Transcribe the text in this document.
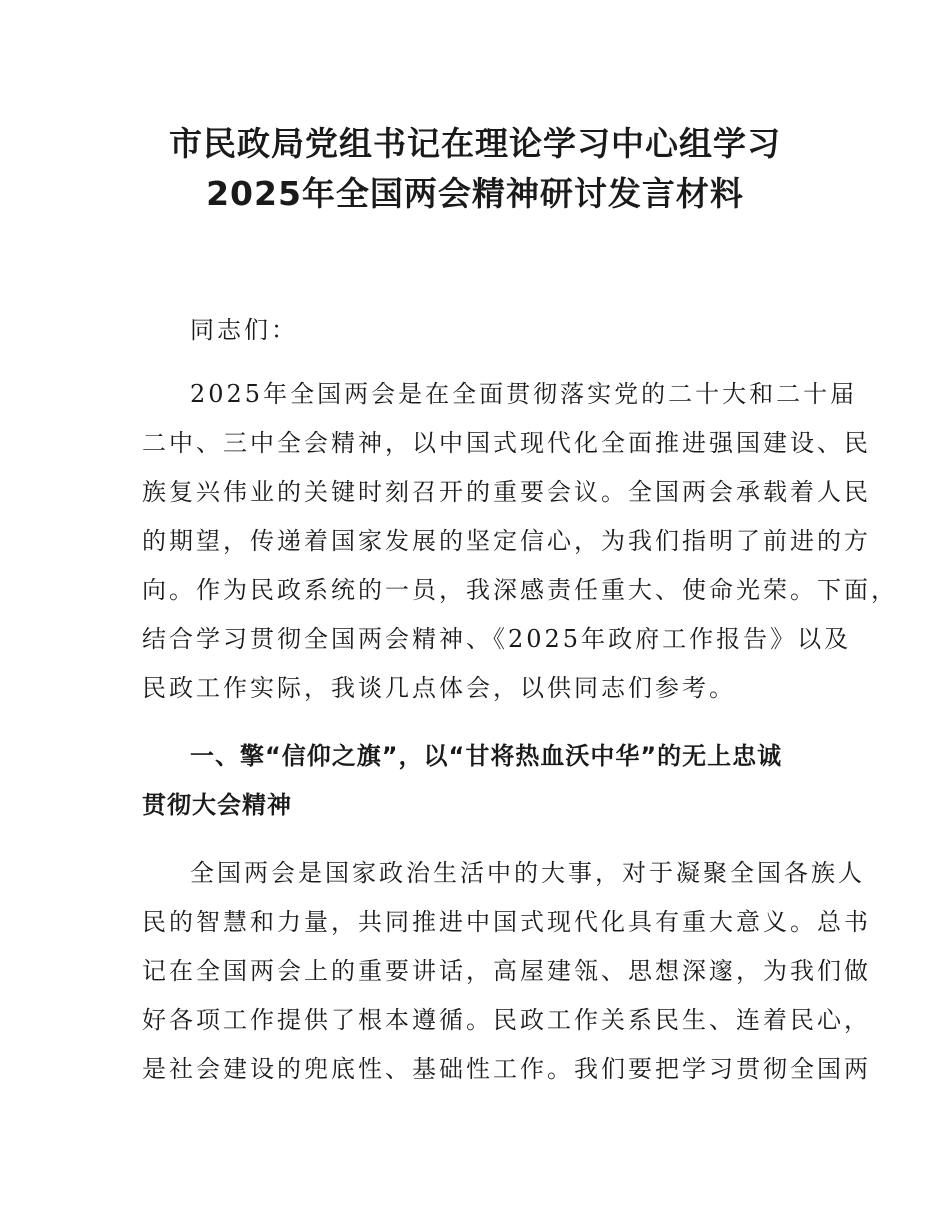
市民政局党组书记在理论学习中心组学习
2025年全国两会精神研讨发言材料

同志们：

2025年全国两会是在全面贯彻落实党的二十大和二十届

二中、三中全会精神，以中国式现代化全面推进强国建设、民

族复兴伟业的关键时刻召开的重要会议。全国两会承载着人民

的期望，传递着国家发展的坚定信心，为我们指明了前进的方

向。作为民政系统的一员，我深感责任重大、使命光荣。下面，

结合学习贯彻全国两会精神、《2025年政府工作报告》以及

民政工作实际，我谈几点体会，以供同志们参考。

一、擎“信仰之旗”，以“甘将热血沃中华”的无上忠诚

贯彻大会精神

全国两会是国家政治生活中的大事，对于凝聚全国各族人

民的智慧和力量，共同推进中国式现代化具有重大意义。总书

记在全国两会上的重要讲话，高屋建瓴、思想深邃，为我们做

好各项工作提供了根本遵循。民政工作关系民生、连着民心，

是社会建设的兜底性、基础性工作。我们要把学习贯彻全国两
